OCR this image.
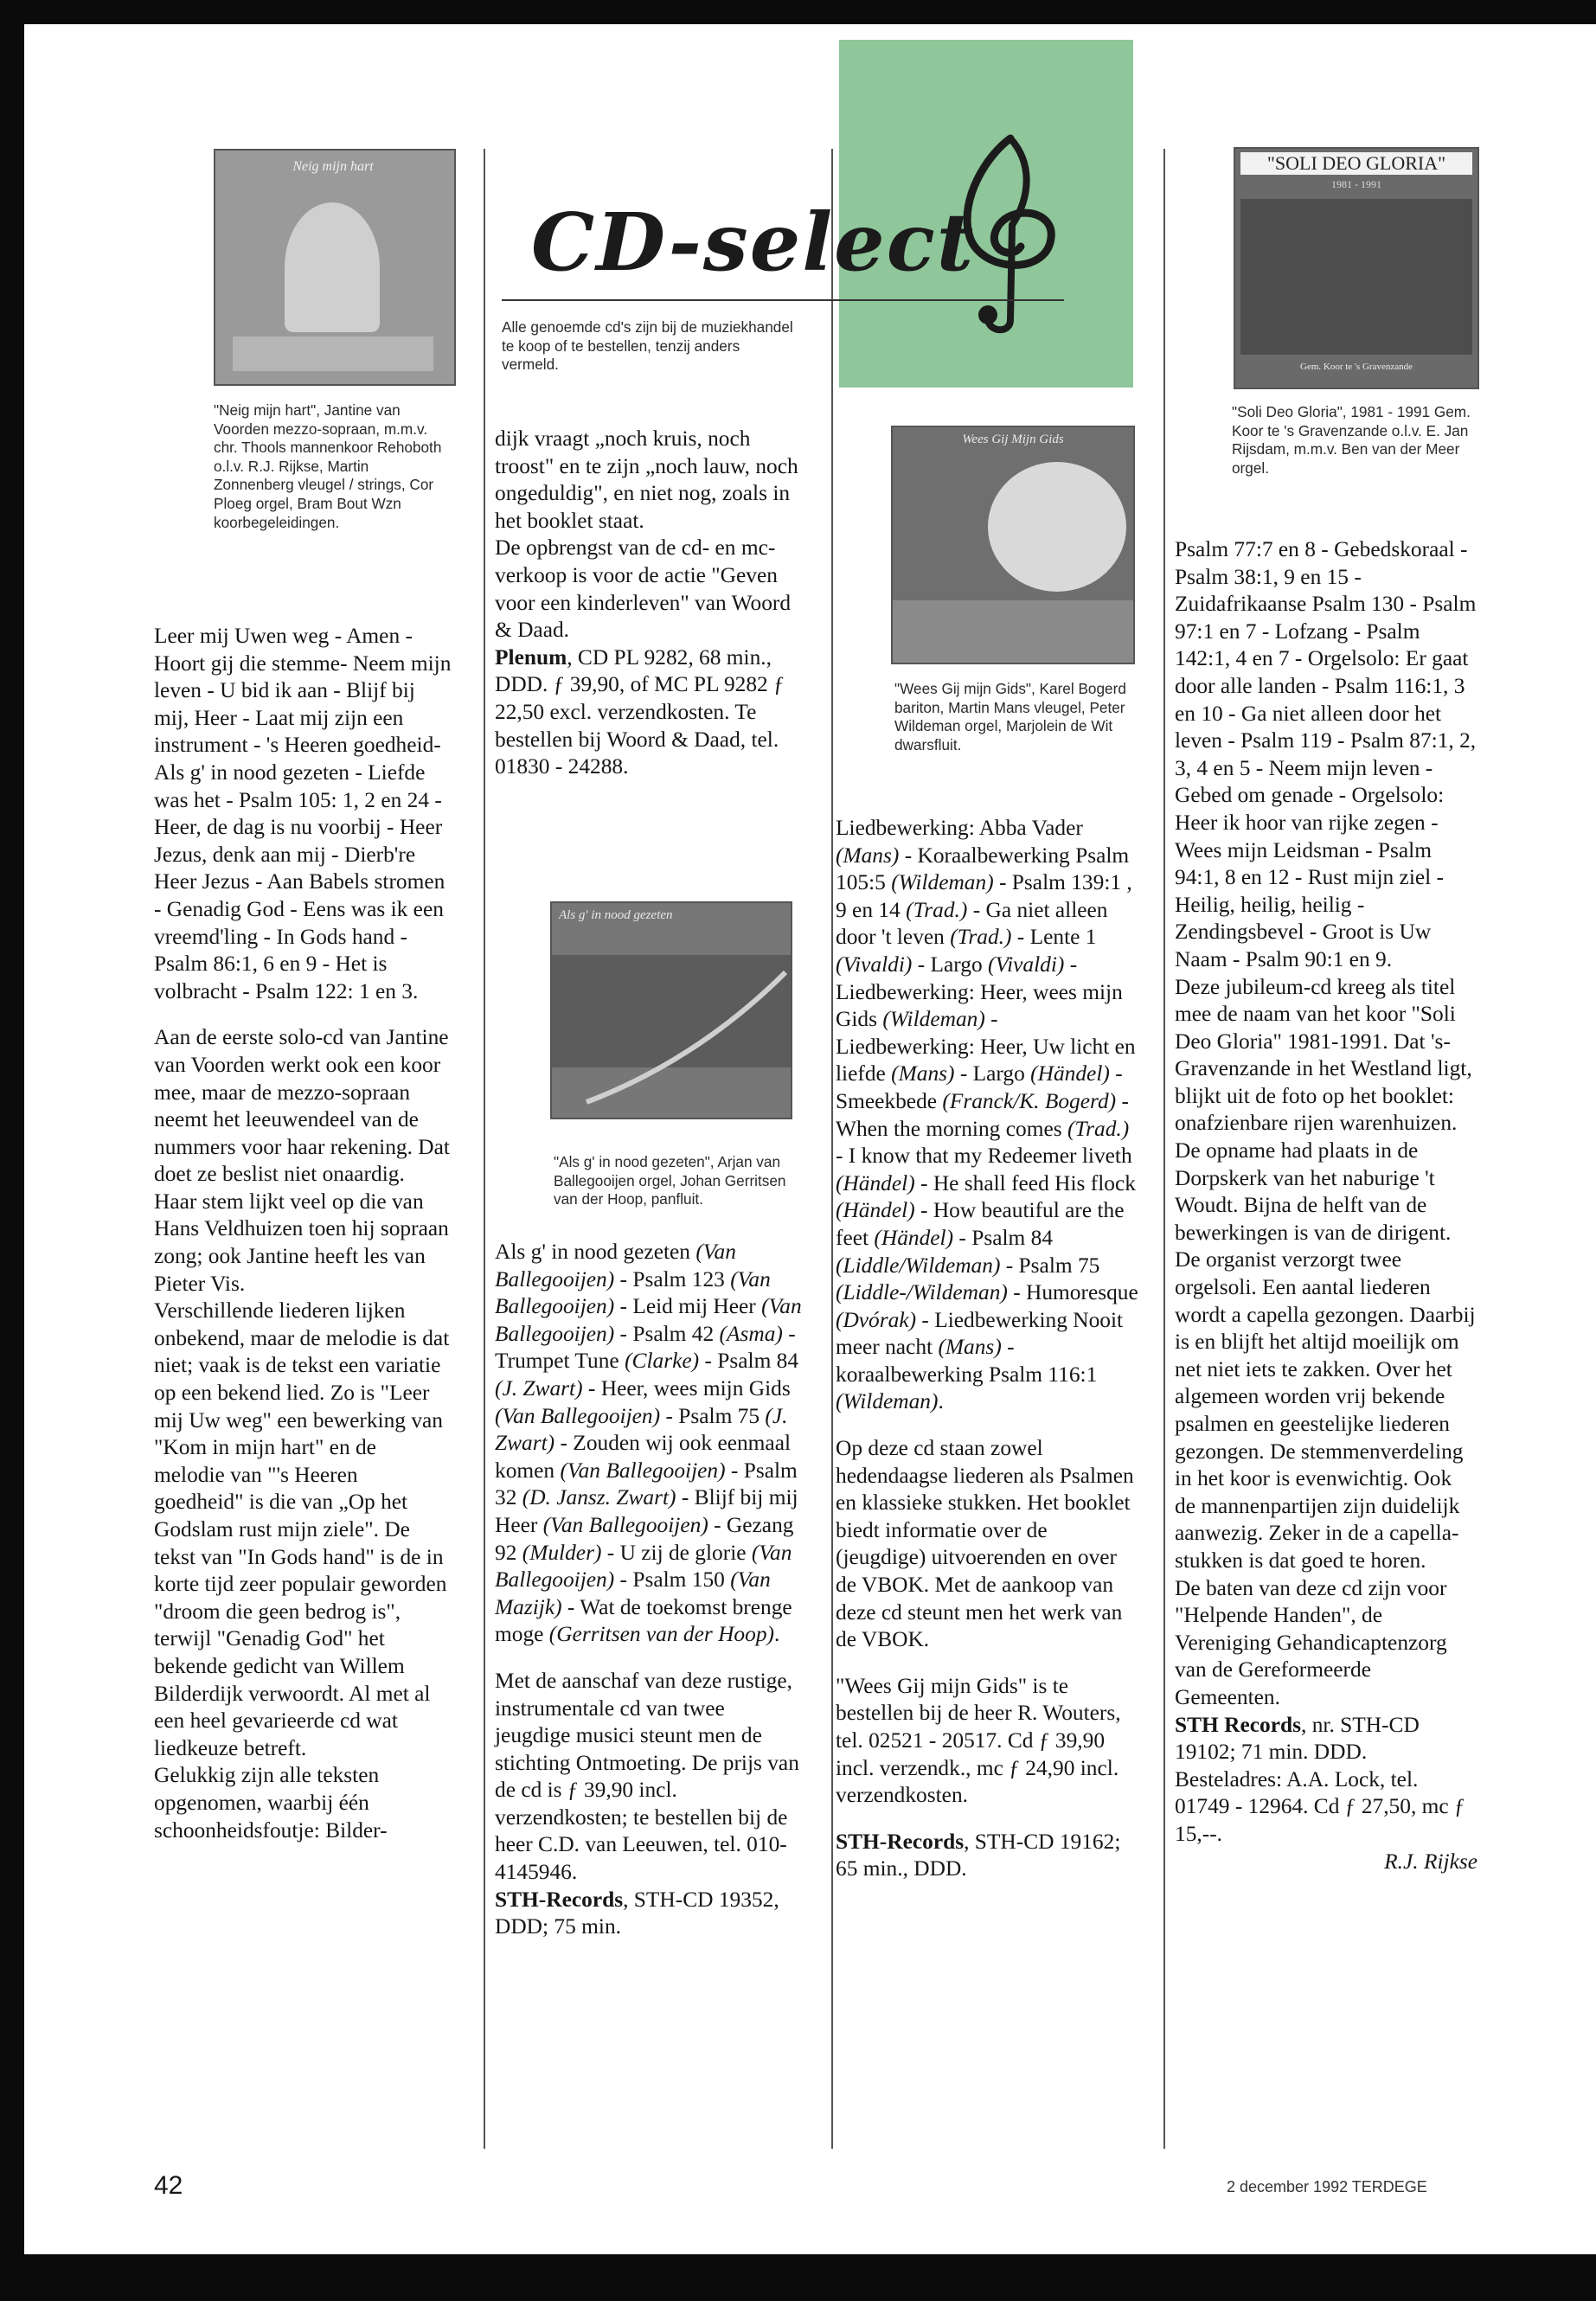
CD-select
Alle genoemde cd's zijn bij de muziekhandel te koop of te bestellen, tenzij anders vermeld.
Neig mijn hart
"Neig mijn hart", Jantine van Voorden mezzo-sopraan, m.m.v. chr. Thools mannenkoor Rehoboth o.l.v. R.J. Rijkse, Martin Zonnenberg vleugel / strings, Cor Ploeg orgel, Bram Bout Wzn koorbegeleidingen.

Leer mij Uwen weg - Amen - Hoort gij die stemme- Neem mijn leven - U bid ik aan - Blijf bij mij, Heer - Laat mij zijn een instrument - 's Heeren goedheid- Als g' in nood gezeten - Liefde was het - Psalm 105: 1, 2 en 24 - Heer, de dag is nu voorbij - Heer Jezus, denk aan mij - Dierb're Heer Jezus - Aan Babels stromen - Genadig God - Eens was ik een vreemd'ling - In Gods hand - Psalm 86:1, 6 en 9 - Het is volbracht - Psalm 122: 1 en 3.

Aan de eerste solo-cd van Jantine van Voorden werkt ook een koor mee, maar de mezzo-sopraan neemt het leeuwendeel van de nummers voor haar rekening. Dat doet ze beslist niet onaardig. Haar stem lijkt veel op die van Hans Veldhuizen toen hij sopraan zong; ook Jantine heeft les van Pieter Vis.

Verschillende liederen lijken onbekend, maar de melodie is dat niet; vaak is de tekst een variatie op een bekend lied. Zo is "Leer mij Uw weg" een bewerking van "Kom in mijn hart" en de melodie van "'s Heeren goedheid" is die van „Op het Godslam rust mijn ziele". De tekst van "In Gods hand" is de in korte tijd zeer populair geworden "droom die geen bedrog is", terwijl "Genadig God" het bekende gedicht van Willem Bilderdijk verwoordt. Al met al een heel gevarieerde cd wat liedkeuze betreft.

Gelukkig zijn alle teksten opgenomen, waarbij één schoonheidsfoutje: Bilder-

dijk vraagt „noch kruis, noch troost" en te zijn „noch lauw, noch ongeduldig", en niet nog, zoals in het booklet staat.

De opbrengst van de cd- en mc-verkoop is voor de actie "Geven voor een kinderleven" van Woord & Daad.

Plenum, CD PL 9282, 68 min., DDD. ƒ 39,90, of MC PL 9282 ƒ 22,50 excl. verzendkosten. Te bestellen bij Woord & Daad, tel. 01830 - 24288.

Als g' in nood gezeten
"Als g' in nood gezeten", Arjan van Ballegooijen orgel, Johan Gerritsen van der Hoop, panfluit.

Als g' in nood gezeten (Van Ballegooijen) - Psalm 123 (Van Ballegooijen) - Leid mij Heer (Van Ballegooijen) - Psalm 42 (Asma) - Trumpet Tune (Clarke) - Psalm 84 (J. Zwart) - Heer, wees mijn Gids (Van Ballegooijen) - Psalm 75 (J. Zwart) - Zouden wij ook eenmaal komen (Van Ballegooijen) - Psalm 32 (D. Jansz. Zwart) - Blijf bij mij Heer (Van Ballegooijen) - Gezang 92 (Mulder) - U zij de glorie (Van Ballegooijen) - Psalm 150 (Van Mazijk) - Wat de toekomst brenge moge (Gerritsen van der Hoop).

Met de aanschaf van deze rustige, instrumentale cd van twee jeugdige musici steunt men de stichting Ontmoeting. De prijs van de cd is ƒ 39,90 incl. verzendkosten; te bestellen bij de heer C.D. van Leeuwen, tel. 010-4145946.

STH-Records, STH-CD 19352, DDD; 75 min.

Wees Gij Mijn Gids
"Wees Gij mijn Gids", Karel Bogerd bariton, Martin Mans vleugel, Peter Wildeman orgel, Marjolein de Wit dwarsfluit.

Liedbewerking: Abba Vader (Mans) - Koraalbewerking Psalm 105:5 (Wildeman) - Psalm 139:1 , 9 en 14 (Trad.) - Ga niet alleen door 't leven (Trad.) - Lente 1 (Vivaldi) - Largo (Vivaldi) - Liedbewerking: Heer, wees mijn Gids (Wildeman) - Liedbewerking: Heer, Uw licht en liefde (Mans) - Largo (Händel) - Smeekbede (Franck/K. Bogerd) - When the morning comes (Trad.) - I know that my Redeemer liveth (Händel) - He shall feed His flock (Händel) - How beautiful are the feet (Händel) - Psalm 84 (Liddle/Wildeman) - Psalm 75 (Liddle-/Wildeman) - Humoresque (Dvórak) - Liedbewerking Nooit meer nacht (Mans) - koraalbewerking Psalm 116:1 (Wildeman).

Op deze cd staan zowel hedendaagse liederen als Psalmen en klassieke stukken. Het booklet biedt informatie over de (jeugdige) uitvoerenden en over de VBOK. Met de aankoop van deze cd steunt men het werk van de VBOK.

"Wees Gij mijn Gids" is te bestellen bij de heer R. Wouters, tel. 02521 - 20517. Cd ƒ 39,90 incl. verzendk., mc ƒ 24,90 incl. verzendkosten.

STH-Records, STH-CD 19162; 65 min., DDD.

"SOLI DEO GLORIA"
1981 - 1991
Gem. Koor te 's Gravenzande
"Soli Deo Gloria", 1981 - 1991 Gem. Koor te 's Gravenzande o.l.v. E. Jan Rijsdam, m.m.v. Ben van der Meer orgel.

Psalm 77:7 en 8 - Gebedskoraal - Psalm 38:1, 9 en 15 - Zuidafrikaanse Psalm 130 - Psalm 97:1 en 7 - Lofzang - Psalm 142:1, 4 en 7 - Orgelsolo: Er gaat door alle landen - Psalm 116:1, 3 en 10 - Ga niet alleen door het leven - Psalm 119 - Psalm 87:1, 2, 3, 4 en 5 - Neem mijn leven - Gebed om genade - Orgelsolo: Heer ik hoor van rijke zegen - Wees mijn Leidsman - Psalm 94:1, 8 en 12 - Rust mijn ziel - Heilig, heilig, heilig - Zendingsbevel - Groot is Uw Naam - Psalm 90:1 en 9.

Deze jubileum-cd kreeg als titel mee de naam van het koor "Soli Deo Gloria" 1981-1991. Dat 's-Gravenzande in het Westland ligt, blijkt uit de foto op het booklet: onafzienbare rijen warenhuizen. De opname had plaats in de Dorpskerk van het naburige 't Woudt. Bijna de helft van de bewerkingen is van de dirigent. De organist verzorgt twee orgelsoli. Een aantal liederen wordt a capella gezongen. Daarbij is en blijft het altijd moeilijk om net niet iets te zakken. Over het algemeen worden vrij bekende psalmen en geestelijke liederen gezongen. De stemmenverdeling in het koor is evenwichtig. Ook de mannenpartijen zijn duidelijk aanwezig. Zeker in de a capella-stukken is dat goed te horen.

De baten van deze cd zijn voor "Helpende Handen", de Vereniging Gehandicaptenzorg van de Gereformeerde Gemeenten.

STH Records, nr. STH-CD 19102; 71 min. DDD. Besteladres: A.A. Lock, tel. 01749 - 12964. Cd ƒ 27,50, mc ƒ 15,--.

R.J. Rijkse

42	2 december 1992 TERDEGE
